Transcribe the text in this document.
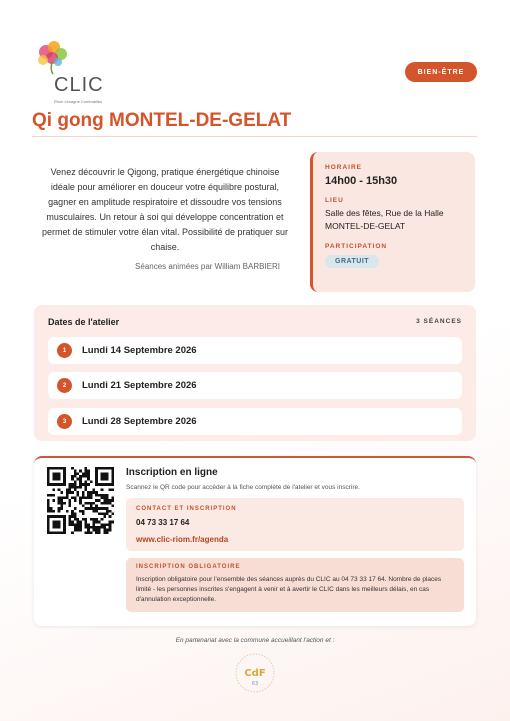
CLIC
Riom Limagne Combrailles
BIEN-ÊTRE
Qi gong MONTEL-DE-GELAT
Venez découvrir le Qigong, pratique énergétique chinoise idéale pour améliorer en douceur votre équilibre postural, gagner en amplitude respiratoire et dissoudre vos tensions musculaires. Un retour à soi qui développe concentration et permet de stimuler votre élan vital. Possibilité de pratiquer sur chaise.
Séances animées par William BARBIERI
HORAIRE
14h00 - 15h30
LIEU
Salle des fêtes, Rue de la Halle
MONTEL-DE-GELAT
PARTICIPATION
GRATUIT
Dates de l'atelier	3 SÉANCES
1	Lundi 14 Septembre 2026
2	Lundi 21 Septembre 2026
3	Lundi 28 Septembre 2026
Inscription en ligne
Scannez le QR code pour accéder à la fiche complète de l'atelier et vous inscrire.
CONTACT ET INSCRIPTION
04 73 33 17 64
www.clic-riom.fr/agenda
INSCRIPTION OBLIGATOIRE
Inscription obligatoire pour l'ensemble des séances auprès du CLIC au 04 73 33 17 64. Nombre de places limité - les personnes inscrites s'engagent à venir et à avertir le CLIC dans les meilleurs délais, en cas d'annulation exceptionnelle.
En partenariat avec la commune accueillant l'action et :
CdF
63
